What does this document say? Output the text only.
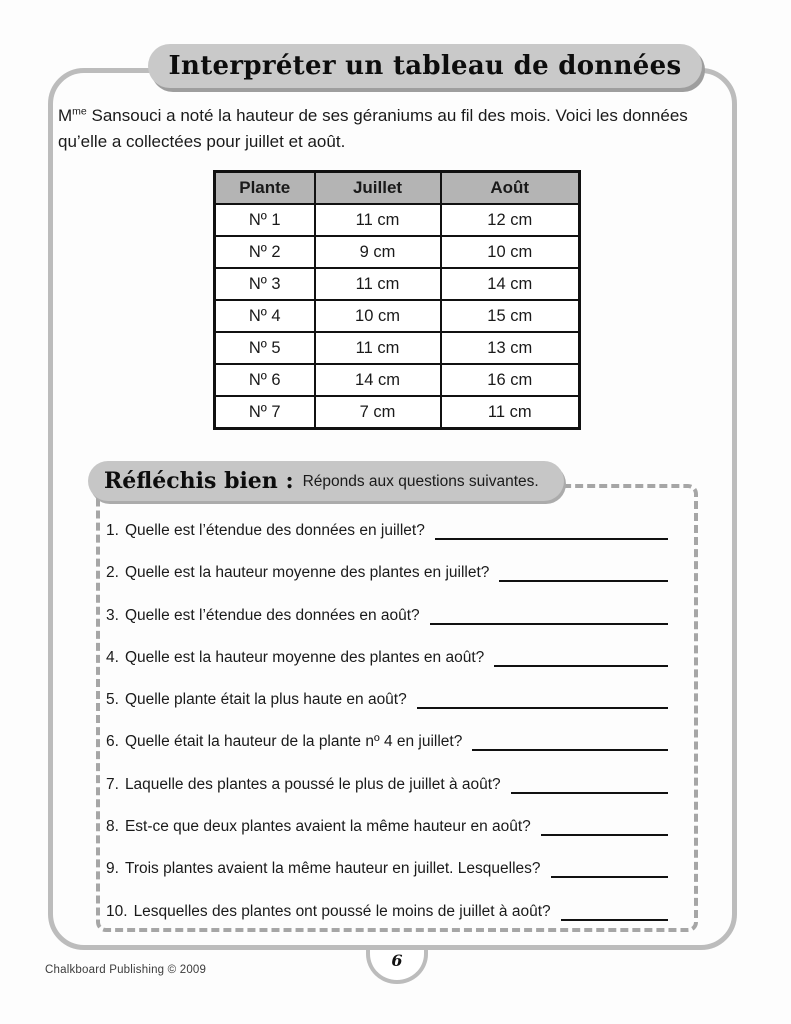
Interpréter un tableau de données

$M^{me}$ Sansouci a noté la hauteur de ses géraniums au fil des mois. Voici les données
qu’elle a collectées pour juillet et août.

Plante	Juillet	Août
Nº 1	11 cm	12 cm
Nº 2	9 cm	10 cm
Nº 3	11 cm	14 cm
Nº 4	10 cm	15 cm
Nº 5	11 cm	13 cm
Nº 6	14 cm	16 cm
Nº 7	7 cm	11 cm
Réfléchis bien : Réponds aux questions suivantes.
1. Quelle est l’étendue des données en juillet?
2. Quelle est la hauteur moyenne des plantes en juillet?
3. Quelle est l’étendue des données en août?
4. Quelle est la hauteur moyenne des plantes en août?
5. Quelle plante était la plus haute en août?
6. Quelle était la hauteur de la plante nº 4 en juillet?
7. Laquelle des plantes a poussé le plus de juillet à août?
8. Est-ce que deux plantes avaient la même hauteur en août?
9. Trois plantes avaient la même hauteur en juillet. Lesquelles?
10. Lesquelles des plantes ont poussé le moins de juillet à août?
Chalkboard Publishing © 2009	6
